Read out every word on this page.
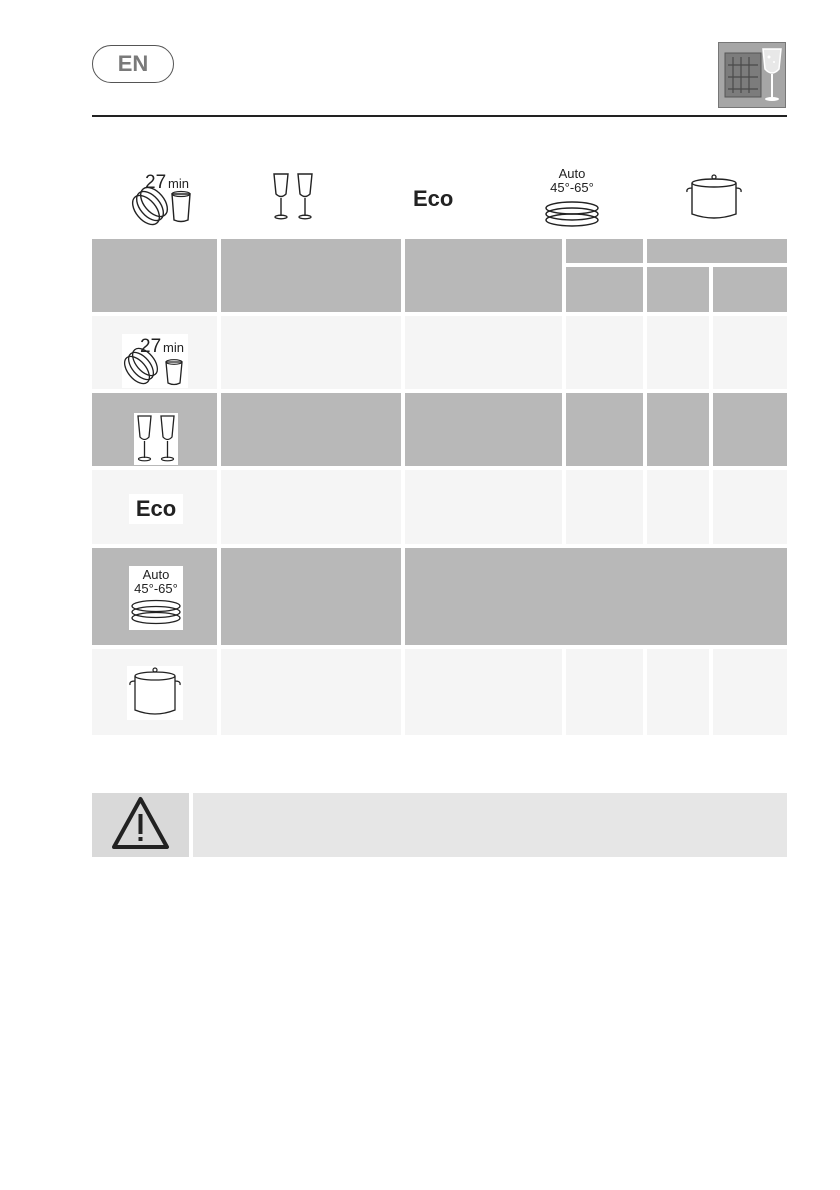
EN
27 min
Eco
Auto
45°-65°
27 min
Eco
Auto
45°-65°
